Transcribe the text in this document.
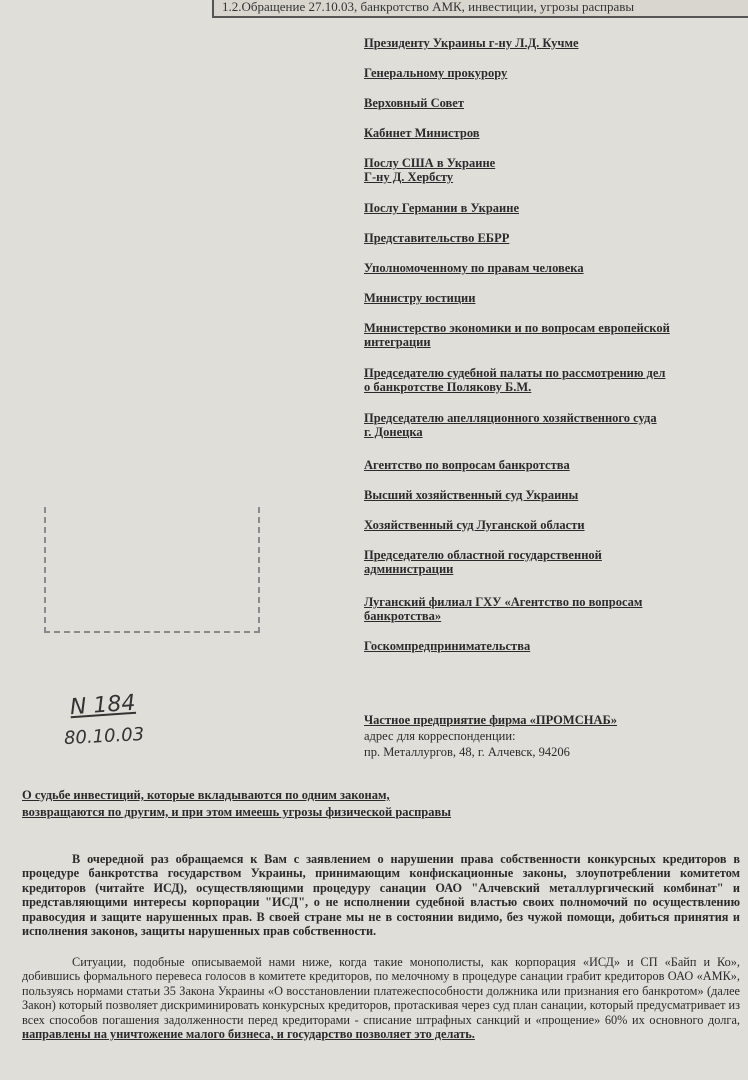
1.2.Обращение 27.10.03, банкротство АМК, инвестиции, угрозы расправы
Президенту Украины г-ну Л.Д. Кучме
Генеральному прокурору
Верховный Совет
Кабинет Министров
Послу США в Украине
Г-ну Д. Хербсту
Послу Германии в Украине
Представительство ЕБРР
Уполномоченному по правам человека
Министру юстиции
Министерство экономики и по вопросам европейской
интеграции
Председателю судебной палаты по рассмотрению дел
о банкротстве Полякову Б.М.
Председателю апелляционного хозяйственного суда
г. Донецка
Агентство по вопросам банкротства
Высший хозяйственный суд Украины
Хозяйственный суд Луганской области
Председателю областной государственной
администрации
Луганский филиал ГХУ «Агентство по вопросам
банкротства»
Госкомпредпринимательства
N 184
80.10.03
Частное предприятие фирма «ПРОМСНАБ»
адрес для корреспонденции:
пр. Металлургов, 48, г. Алчевск, 94206
О судьбе инвестиций, которые вкладываются по одним законам,
возвращаются по другим, и при этом имеешь угрозы физической расправы
В очередной раз обращаемся к Вам с заявлением о нарушении права собственности конкурсных кредиторов в процедуре банкротства государством Украины, принимающим конфискационные законы, злоупотреблении комитетом кредиторов (читайте ИСД), осуществляющими процедуру санации ОАО "Алчевский металлургический комбинат" и представляющими интересы корпорации "ИСД", о не исполнении судебной властью своих полномочий по осуществлению правосудия и защите нарушенных прав. В своей стране мы не в состоянии видимо, без чужой помощи, добиться принятия и исполнения законов, защиты нарушенных прав собственности.
Ситуации, подобные описываемой нами ниже, когда такие монополисты, как корпорация «ИСД» и СП «Байп и Ко», добившись формального перевеса голосов в комитете кредиторов, по мелочному в процедуре санации грабит кредиторов ОАО «АМК», пользуясь нормами статьи 35 Закона Украины «О восстановлении платежеспособности должника или признания его банкротом» (далее Закон) который позволяет дискриминировать конкурсных кредиторов, протаскивая через суд план санации, который предусматривает из всех способов погашения задолженности перед кредиторами - списание штрафных санкций и «прощение» 60% их основного долга, направлены на уничтожение малого бизнеса, и государство позволяет это делать.
